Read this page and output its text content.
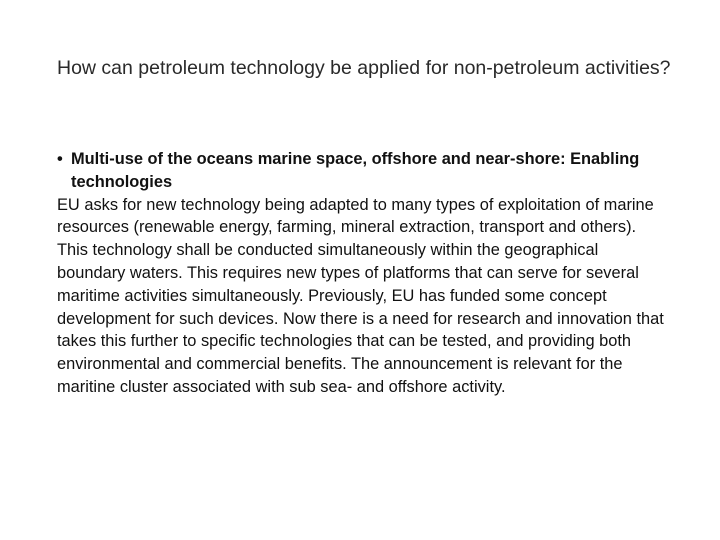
How can petroleum technology be applied for non-petroleum activities?
• Multi-use of the oceans marine space, offshore and near-shore: Enabling technologies

EU asks for new technology being adapted to many types of exploitation of marine resources (renewable energy, farming, mineral extraction, transport and others). This technology shall be conducted simultaneously within the geographical boundary waters. This requires new types of platforms that can serve for several maritime activities simultaneously. Previously, EU has funded some concept development for such devices. Now there is a need for research and innovation that takes this further to specific technologies that can be tested, and providing both environmental and commercial benefits. The announcement is relevant for the maritine cluster associated with sub sea- and offshore activity.
